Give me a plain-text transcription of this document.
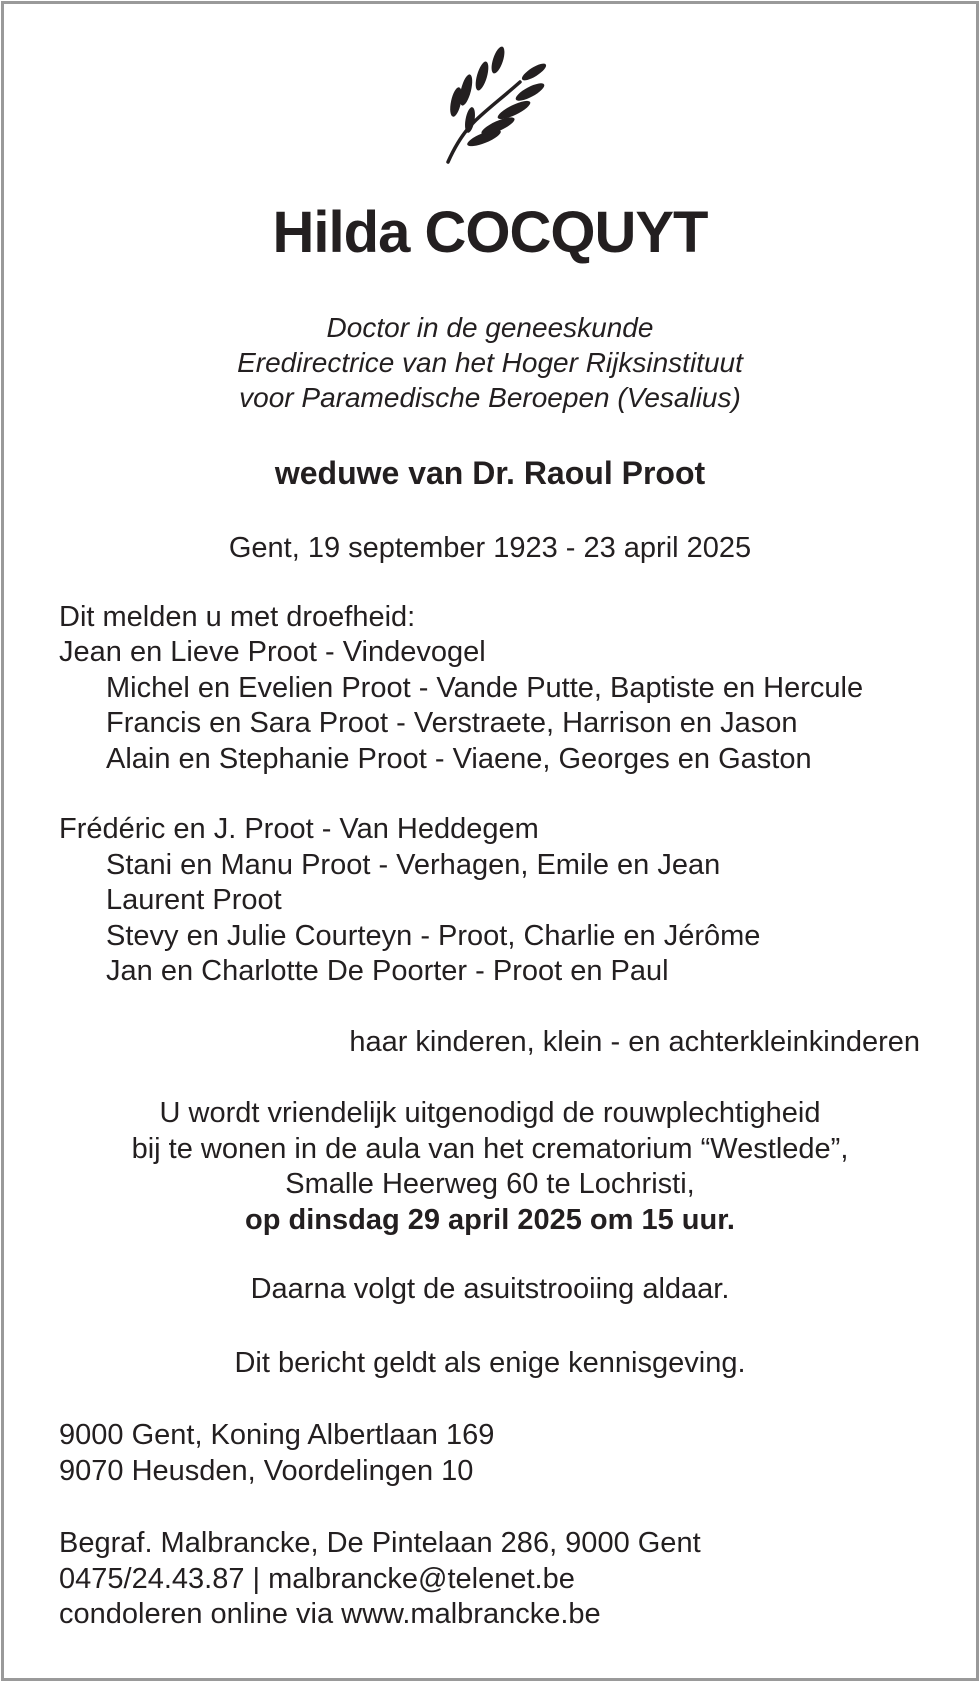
Hilda COCQUYT
Doctor in de geneeskunde
Eredirectrice van het Hoger Rijksinstituut
voor Paramedische Beroepen (Vesalius)
weduwe van Dr. Raoul Proot
Gent, 19 september 1923 - 23 april 2025
Dit melden u met droefheid:
Jean en Lieve Proot - Vindevogel
Michel en Evelien Proot - Vande Putte, Baptiste en Hercule
Francis en Sara Proot - Verstraete, Harrison en Jason
Alain en Stephanie Proot - Viaene, Georges en Gaston
Frédéric en J. Proot - Van Heddegem
Stani en Manu Proot - Verhagen, Emile en Jean
Laurent Proot
Stevy en Julie Courteyn - Proot, Charlie en Jérôme
Jan en Charlotte De Poorter - Proot en Paul
haar kinderen, klein - en achterkleinkinderen
U wordt vriendelijk uitgenodigd de rouwplechtigheid
bij te wonen in de aula van het crematorium “Westlede”,
Smalle Heerweg 60 te Lochristi,
op dinsdag 29 april 2025 om 15 uur.
Daarna volgt de asuitstrooiing aldaar.
Dit bericht geldt als enige kennisgeving.
9000 Gent, Koning Albertlaan 169
9070 Heusden, Voordelingen 10
Begraf. Malbrancke, De Pintelaan 286, 9000 Gent
0475/24.43.87 | malbrancke@telenet.be
condoleren online via www.malbrancke.be
